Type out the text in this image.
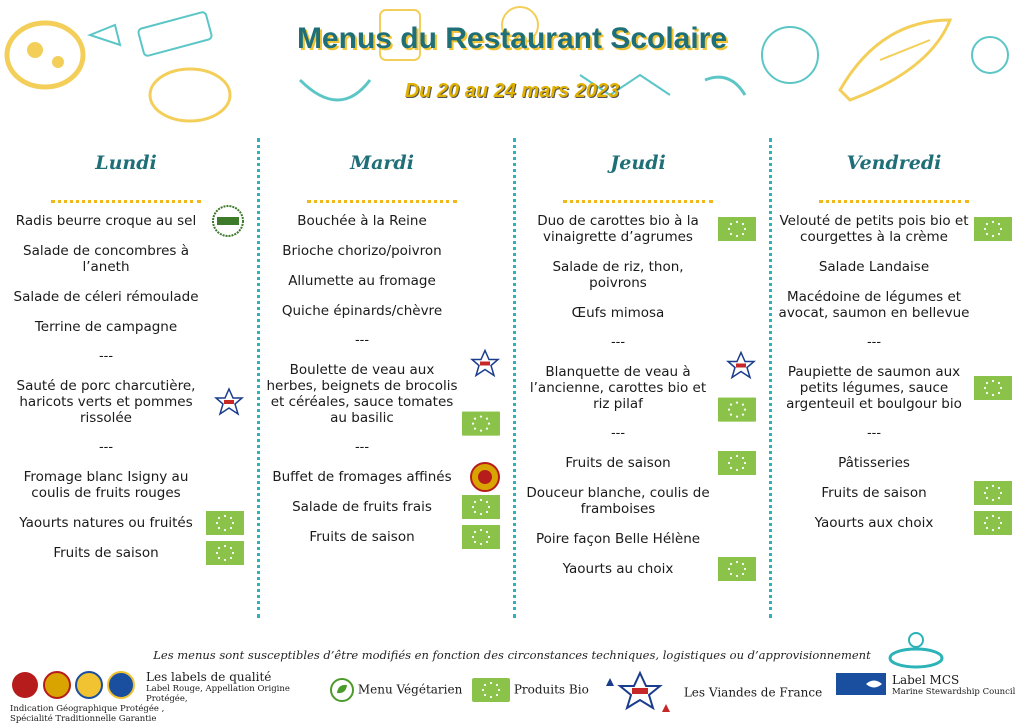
Menus du Restaurant Scolaire
Du 20 au 24 mars 2023
Lundi
Radis beurre croque au sel
Salade de concombres à l’aneth
Salade de céleri rémoulade
Terrine de campagne
---
Sauté de porc charcutière, haricots verts et pommes rissolée
---
Fromage blanc Isigny au coulis de fruits rouges
Yaourts natures ou fruités
Fruits de saison
Mardi
Bouchée à la Reine
Brioche chorizo/poivron
Allumette au fromage
Quiche épinards/chèvre
---
Boulette de veau aux herbes, beignets de brocolis et céréales, sauce tomates au basilic
---
Buffet de fromages affinés
Salade de fruits frais
Fruits de saison
Jeudi
Duo de carottes bio à la vinaigrette d’agrumes
Salade de riz, thon, poivrons
Œufs mimosa
---
Blanquette de veau à l’ancienne, carottes bio et riz pilaf
---
Fruits de saison
Douceur blanche, coulis de framboises
Poire façon Belle Hélène
Yaourts au choix
Vendredi
Velouté de petits pois bio et courgettes à la crème
Salade Landaise
Macédoine de légumes et avocat, saumon en bellevue
---
Paupiette de saumon aux petits légumes, sauce argenteuil et boulgour bio
---
Pâtisseries
Fruits de saison
Yaourts aux choix
Les menus sont susceptibles d’être modifiés en fonction des circonstances techniques, logistiques ou d’approvisionnement
Les labels de qualité
Label Rouge, Appellation Origine Protégée,
Indication Géographique Protégée ,
Spécialité Traditionnelle Garantie
Menu Végétarien	Produits Bio	Les Viandes de France
Label MCS
Marine Stewardship Council
